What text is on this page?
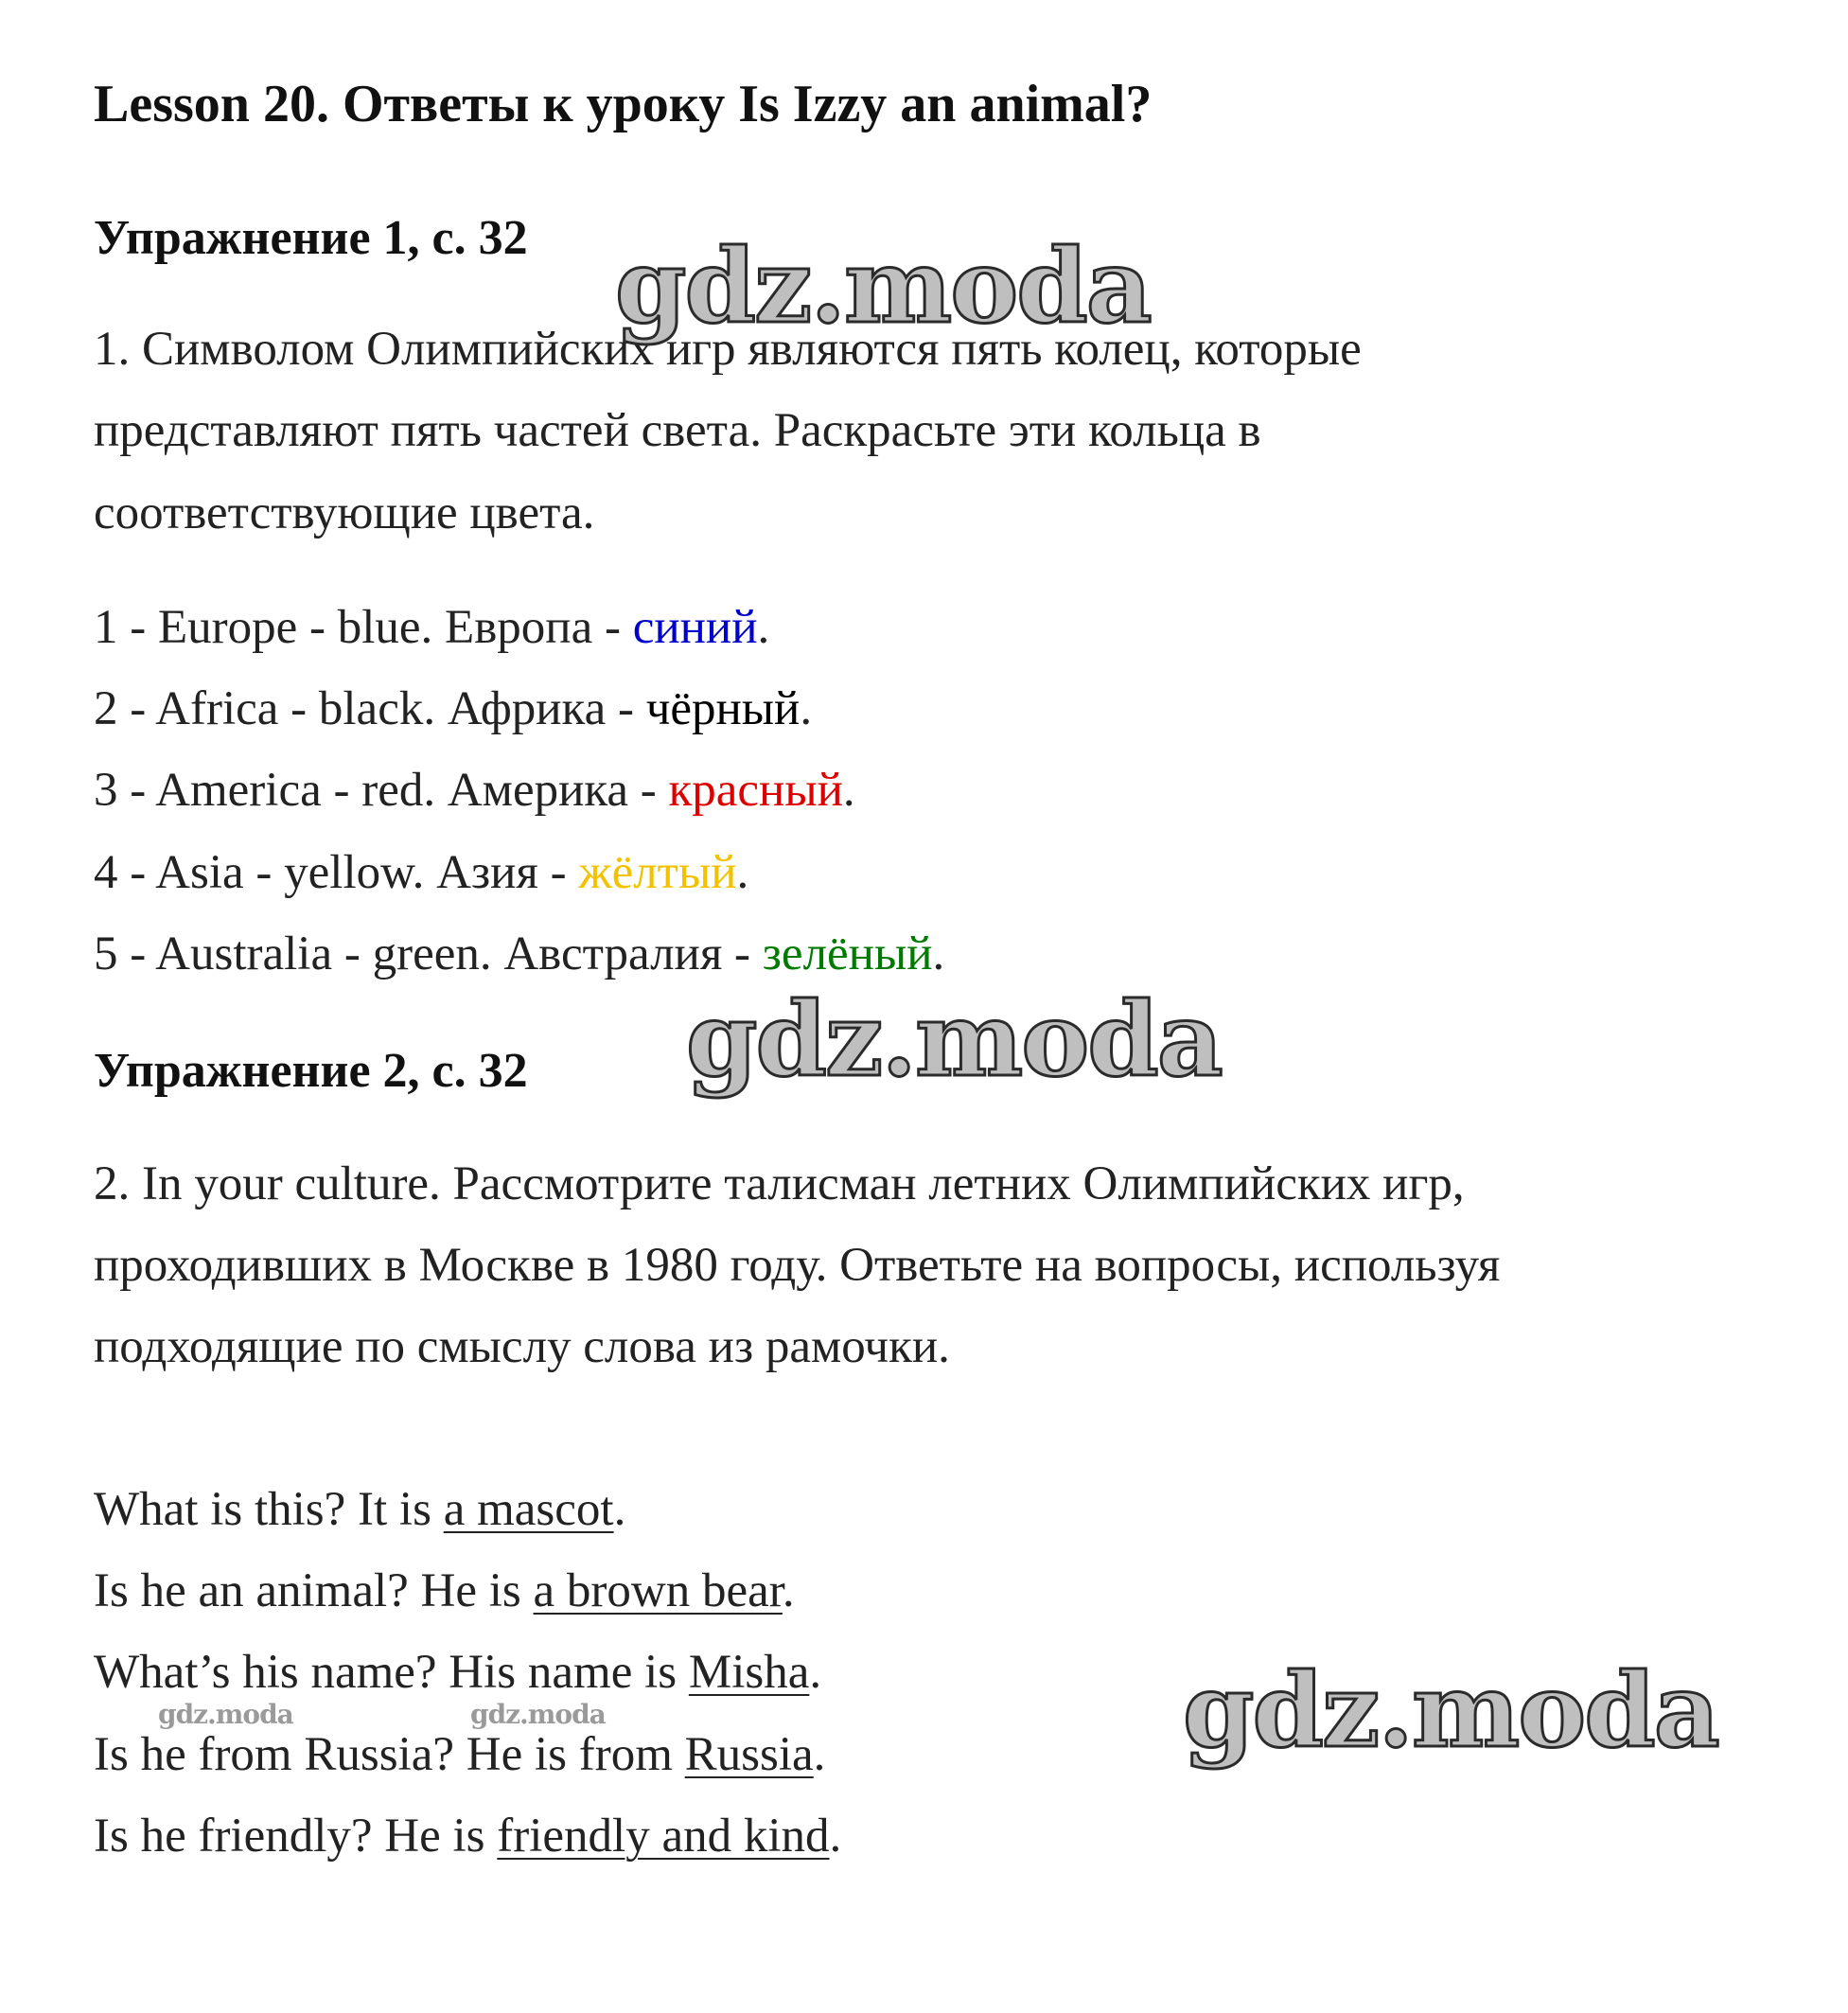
Lesson 20. Ответы к уроку Is Izzy an animal?
Упражнение 1, с. 32
1. Символом Олимпийских игр являются пять колец, которые
представляют пять частей света. Раскрасьте эти кольца в
соответствующие цвета.
1 - Europe - blue. Европа - синий.
2 - Africa - black. Африка - чёрный.
3 - America - red. Америка - красный.
4 - Asia - yellow. Азия - жёлтый.
5 - Australia - green. Австралия - зелёный.
Упражнение 2, с. 32
2. In your culture. Рассмотрите талисман летних Олимпийских игр,
проходивших в Москве в 1980 году. Ответьте на вопросы, используя
подходящие по смыслу слова из рамочки.
What is this? It is a mascot.
Is he an animal? He is a brown bear.
What’s his name? His name is Misha.
Is he from Russia? He is from Russia.
Is he friendly? He is friendly and kind.
gdz.moda
gdz.moda
gdz.moda
gdz.moda	gdz.moda
